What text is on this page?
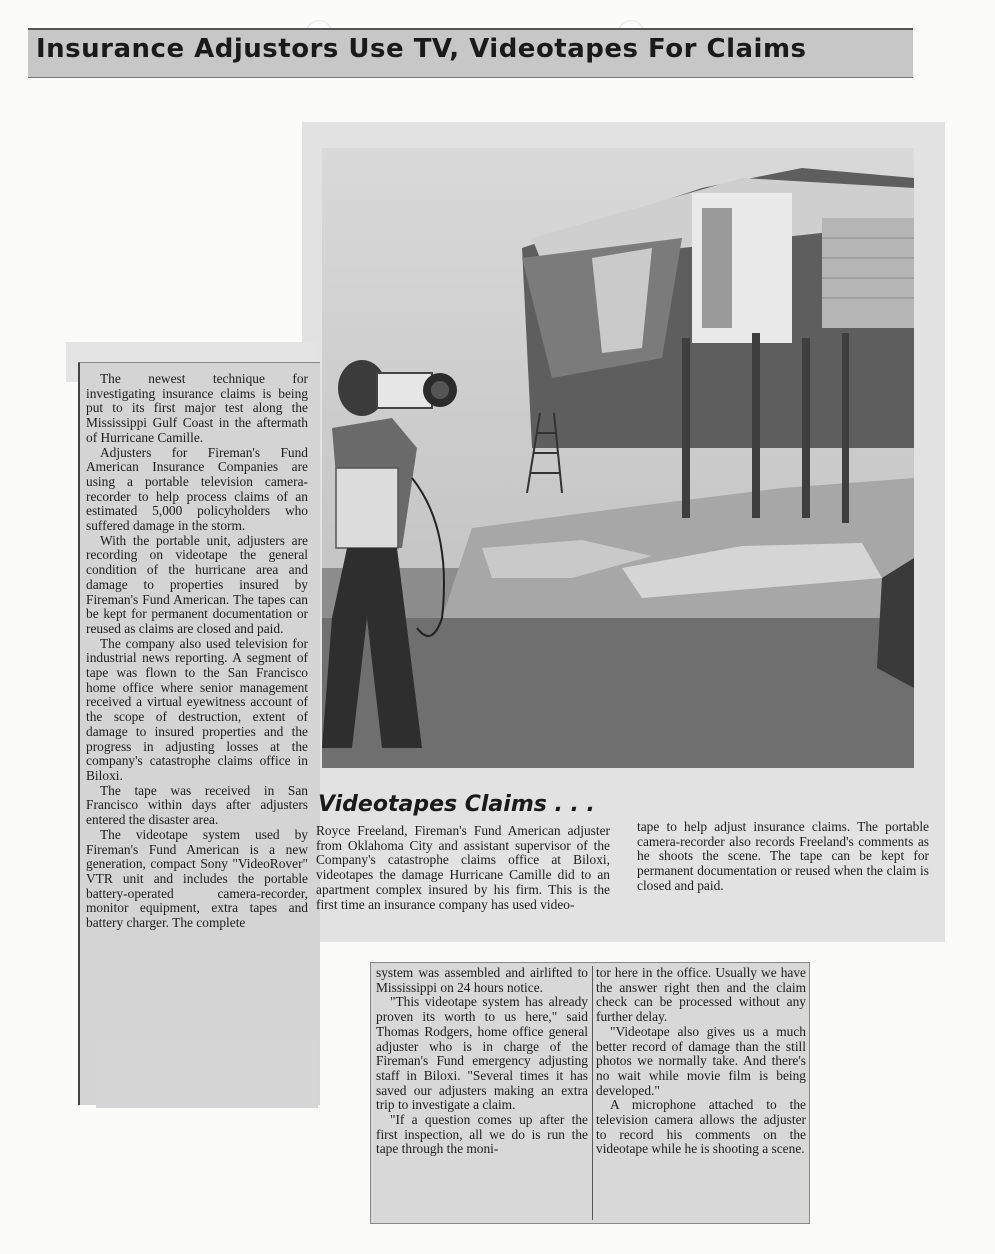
Insurance Adjustors Use TV, Videotapes For Claims

The newest technique for investigating insurance claims is being put to its first major test along the Mississippi Gulf Coast in the aftermath of Hurricane Camille.

Adjusters for Fireman's Fund American Insurance Companies are using a portable television camera-recorder to help process claims of an estimated 5,000 policyholders who suffered damage in the storm.

With the portable unit, adjusters are recording on videotape the general condition of the hurricane area and damage to properties insured by Fireman's Fund American. The tapes can be kept for permanent documentation or reused as claims are closed and paid.

The company also used television for industrial news reporting. A segment of tape was flown to the San Francisco home office where senior management received a virtual eyewitness account of the scope of destruction, extent of damage to insured properties and the progress in adjusting losses at the company's catastrophe claims office in Biloxi.

The tape was received in San Francisco within days after adjusters entered the disaster area.

The videotape system used by Fireman's Fund American is a new generation, compact Sony "VideoRover" VTR unit and includes the portable battery-operated camera-recorder, monitor equipment, extra tapes and battery charger. The complete

Videotapes Claims . . .

Royce Freeland, Fireman's Fund American adjuster from Oklahoma City and assistant supervisor of the Company's catastrophe claims office at Biloxi, videotapes the damage Hurricane Camille did to an apartment complex insured by his firm. This is the first time an insurance company has used video-

tape to help adjust insurance claims. The portable camera-recorder also records Freeland's comments as he shoots the scene. The tape can be kept for permanent documentation or reused when the claim is closed and paid.

system was assembled and airlifted to Mississippi on 24 hours notice.

"This videotape system has already proven its worth to us here," said Thomas Rodgers, home office general adjuster who is in charge of the Fireman's Fund emergency adjusting staff in Biloxi. "Several times it has saved our adjusters making an extra trip to investigate a claim.

"If a question comes up after the first inspection, all we do is run the tape through the moni-

tor here in the office. Usually we have the answer right then and the claim check can be processed without any further delay.

"Videotape also gives us a much better record of damage than the still photos we normally take. And there's no wait while movie film is being developed."

A microphone attached to the television camera allows the adjuster to record his comments on the videotape while he is shooting a scene.
